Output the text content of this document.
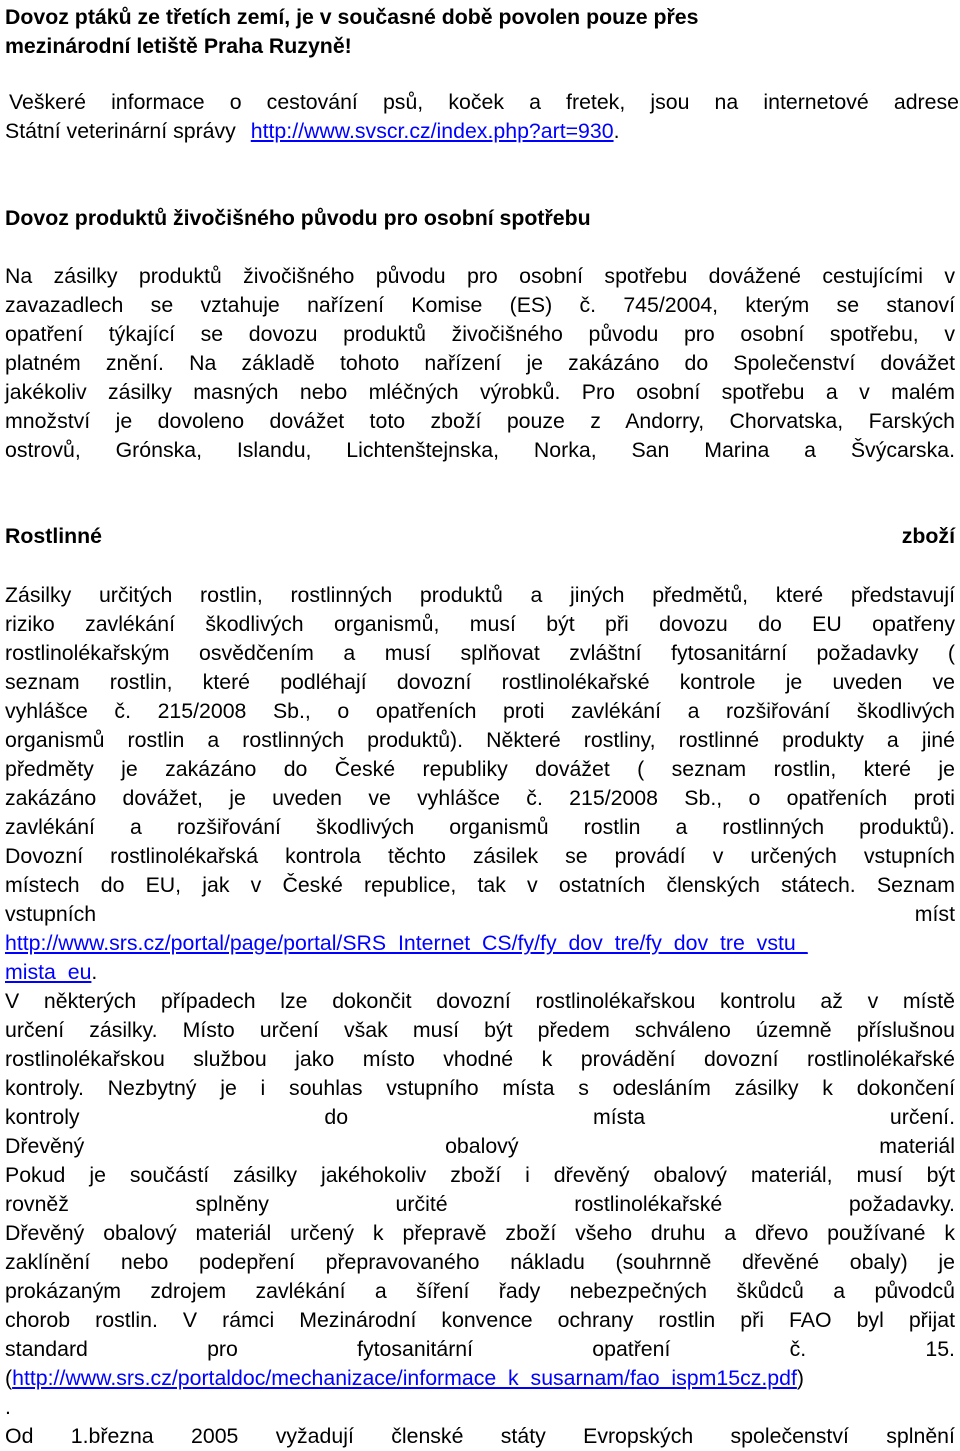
Dovoz ptáků ze třetích zemí, je v současné době povolen pouze přes
mezinárodní letiště Praha Ruzyně!
Veškeré informace o cestování psů, koček a fretek, jsou na internetové adrese
Státní veterinární správy http://www.svscr.cz/index.php?art=930.
Dovoz produktů živočišného původu pro osobní spotřebu
Na zásilky produktů živočišného původu pro osobní spotřebu dovážené cestujícími v
zavazadlech se vztahuje nařízení Komise (ES) č. 745/2004, kterým se stanoví
opatření týkající se dovozu produktů živočišného původu pro osobní spotřebu, v
platném znění. Na základě tohoto nařízení je zakázáno do Společenství dovážet
jakékoliv zásilky masných nebo mléčných výrobků. Pro osobní spotřebu a v malém
množství je dovoleno dovážet toto zboží pouze z Andorry, Chorvatska, Farských
ostrovů, Grónska, Islandu, Lichtenštejnska, Norka, San Marina a Švýcarska.
Rostlinné	zboží
Zásilky určitých rostlin, rostlinných produktů a jiných předmětů, které představují
riziko zavlékání škodlivých organismů, musí být při dovozu do EU opatřeny
rostlinolékařským osvědčením a musí splňovat zvláštní fytosanitární požadavky (
seznam rostlin, které podléhají dovozní rostlinolékařské kontrole je uveden ve
vyhlášce č. 215/2008 Sb., o opatřeních proti zavlékání a rozšiřování škodlivých
organismů rostlin a rostlinných produktů). Některé rostliny, rostlinné produkty a jiné
předměty je zakázáno do České republiky dovážet ( seznam rostlin, které je
zakázáno dovážet, je uveden ve vyhlášce č. 215/2008 Sb., o opatřeních proti
zavlékání a rozšiřování škodlivých organismů rostlin a rostlinných produktů).
Dovozní rostlinolékařská kontrola těchto zásilek se provádí v určených vstupních
místech do EU, jak v České republice, tak v ostatních členských státech. Seznam
vstupních	míst
http://www.srs.cz/portal/page/portal/SRS_Internet_CS/fy/fy_dov_tre/fy_dov_tre_vstu_
mista_eu.
V některých případech lze dokončit dovozní rostlinolékařskou kontrolu až v místě
určení zásilky. Místo určení však musí být předem schváleno územně příslušnou
rostlinolékařskou službou jako místo vhodné k provádění dovozní rostlinolékařské
kontroly. Nezbytný je i souhlas vstupního místa s odesláním zásilky k dokončení
kontroly	do	místa	určení.
Dřevěný	obalový	materiál
Pokud je součástí zásilky jakéhokoliv zboží i dřevěný obalový materiál, musí být
rovněž	splněny	určité	rostlinolékařské	požadavky.
Dřevěný obalový materiál určený k přepravě zboží všeho druhu a dřevo používané k
zaklínění nebo podepření přepravovaného nákladu (souhrnně dřevěné obaly) je
prokázaným zdrojem zavlékání a šíření řady nebezpečných škůdců a původců
chorob rostlin. V rámci Mezinárodní konvence ochrany rostlin při FAO byl přijat
standard	pro	fytosanitární	opatření	č.	15.
(http://www.srs.cz/portaldoc/mechanizace/informace_k_susarnam/fao_ispm15cz.pdf)
.
Od 1.března 2005 vyžadují členské státy Evropských společenství splnění
